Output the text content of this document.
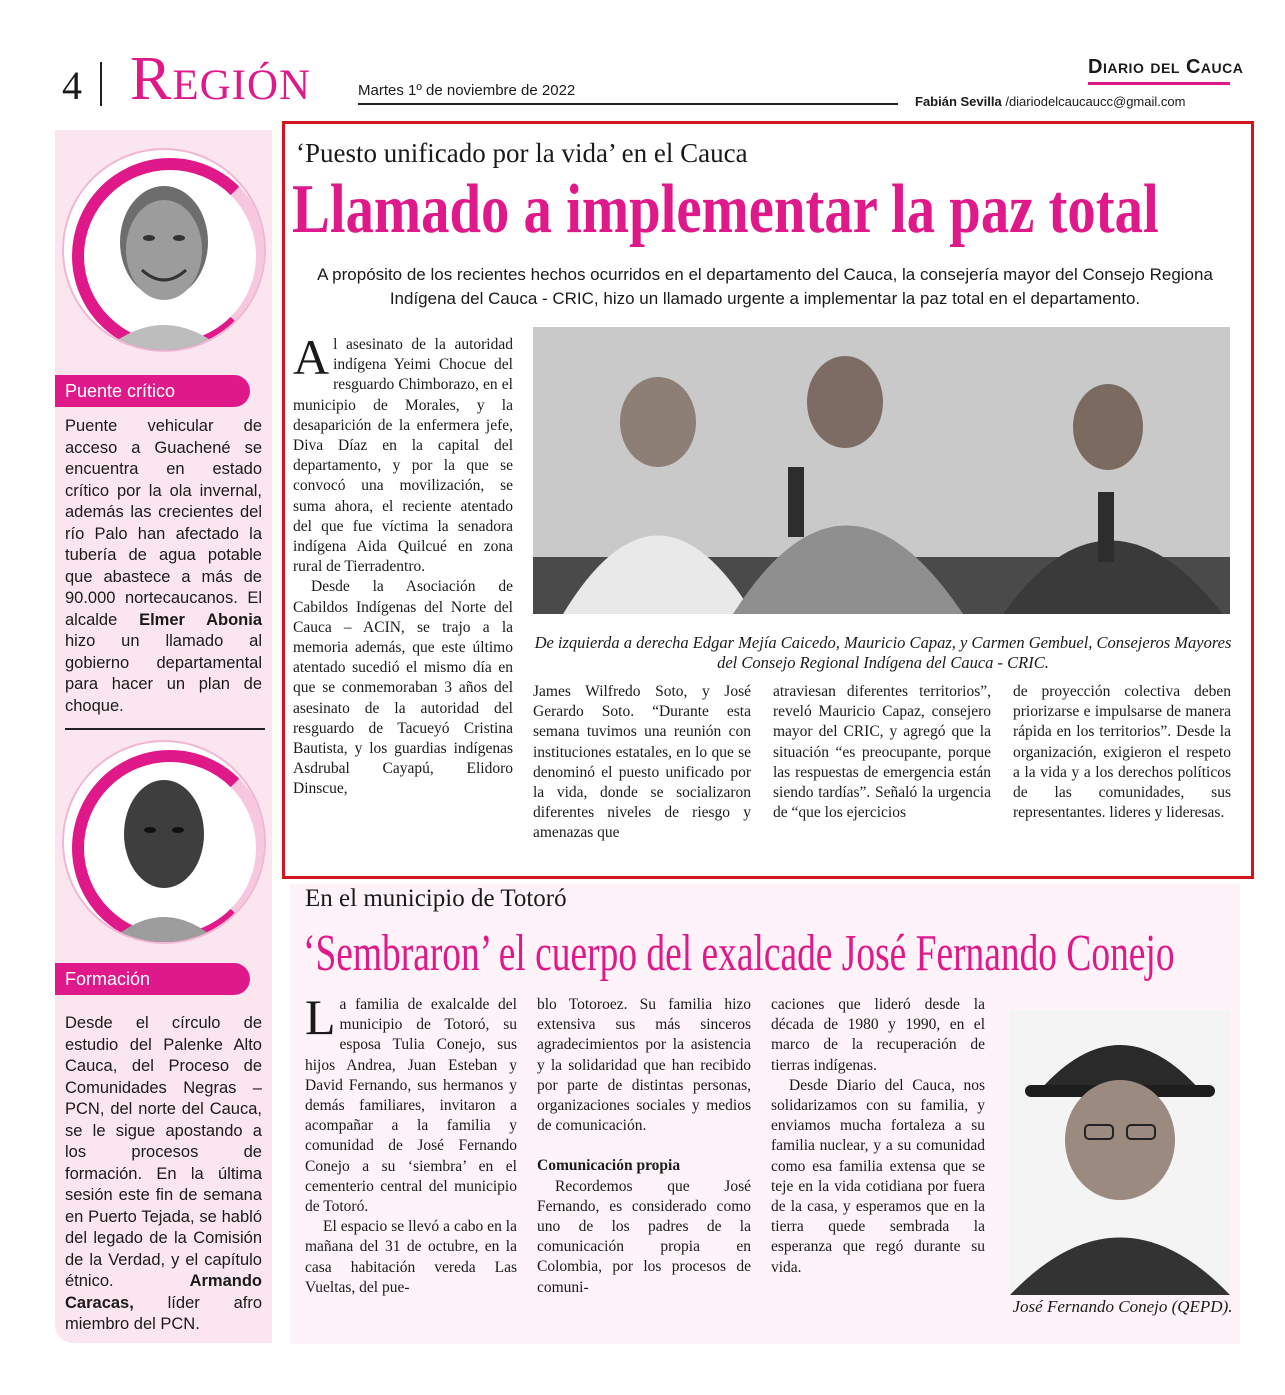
4 Región	Martes 1º de noviembre de 2022
Diario del Cauca
Fabián Sevilla /diariodelcaucaucc@gmail.com
Puente crítico
Puente vehicular de acceso a Guachené se encuentra en estado crítico por la ola invernal, además las crecientes del río Palo han afectado la tubería de agua potable que abastece a más de 90.000 nortecaucanos. El alcalde Elmer Abonia hizo un llamado al gobierno departamental para hacer un plan de choque.
Formación
Desde el círculo de estudio del Palenke Alto Cauca, del Proceso de Comunidades Negras – PCN, del norte del Cauca, se le sigue apostando a los procesos de formación. En la última sesión este fin de semana en Puerto Tejada, se habló del legado de la Comisión de la Verdad, y el capítulo étnico. Armando Caracas, líder afro miembro del PCN.
‘Puesto unificado por la vida’ en el Cauca
Llamado a implementar la paz total
A propósito de los recientes hechos ocurridos en el departamento del Cauca, la consejería mayor del Consejo Regiona Indígena del Cauca - CRIC, hizo un llamado urgente a implementar la paz total en el departamento.
Al asesinato de la autoridad indígena Yeimi Chocue del resguardo Chimborazo, en el municipio de Morales, y la desaparición de la enfermera jefe, Diva Díaz en la capital del departamento, y por la que se convocó una movilización, se suma ahora, el reciente atentado del que fue víctima la senadora indígena Aida Quilcué en zona rural de Tierradentro.
Desde la Asociación de Cabildos Indígenas del Norte del Cauca – ACIN, se trajo a la memoria además, que este último atentado sucedió el mismo día en que se conmemoraban 3 años del asesinato de la autoridad del resguardo de Tacueyó Cristina Bautista, y los guardias indígenas Asdrubal Cayapú, Elidoro Dinscue,
De izquierda a derecha Edgar Mejía Caicedo, Mauricio Capaz, y Carmen Gembuel, Consejeros Mayores del Consejo Regional Indígena del Cauca - CRIC.
James Wilfredo Soto, y José Gerardo Soto. “Durante esta semana tuvimos una reunión con instituciones estatales, en lo que se denominó el puesto unificado por la vida, donde se socializaron diferentes niveles de riesgo y amenazas que
atraviesan diferentes territorios”, reveló Mauricio Capaz, consejero mayor del CRIC, y agregó que la situación “es preocupante, porque las respuestas de emergencia están siendo tardías”. Señaló la urgencia de “que los ejercicios
de proyección colectiva deben priorizarse e impulsarse de manera rápida en los territorios”. Desde la organización, exigieron el respeto a la vida y a los derechos políticos de las comunidades, sus representantes. lideres y lideresas.
En el municipio de Totoró
‘Sembraron’ el cuerpo del exalcade José Fernando Conejo
La familia de exalcalde del municipio de Totoró, su esposa Tulia Conejo, sus hijos Andrea, Juan Esteban y David Fernando, sus hermanos y demás familiares, invitaron a acompañar a la familia y comunidad de José Fernando Conejo a su ‘siembra’ en el cementerio central del municipio de Totoró.
El espacio se llevó a cabo en la mañana del 31 de octubre, en la casa habitación vereda Las Vueltas, del pue-
blo Totoroez. Su familia hizo extensiva sus más sinceros agradecimientos por la asistencia y la solidaridad que han recibido por parte de distintas personas, organizaciones sociales y medios de comunicación.
Comunicación propia
Recordemos que José Fernando, es considerado como uno de los padres de la comunicación propia en Colombia, por los procesos de comuni-
caciones que lideró desde la década de 1980 y 1990, en el marco de la recuperación de tierras indígenas.
Desde Diario del Cauca, nos solidarizamos con su familia, y enviamos mucha fortaleza a su familia nuclear, y a su comunidad como esa familia extensa que se teje en la vida cotidiana por fuera de la casa, y esperamos que en la tierra quede sembrada la esperanza que regó durante su vida.
José Fernando Conejo (QEPD).
